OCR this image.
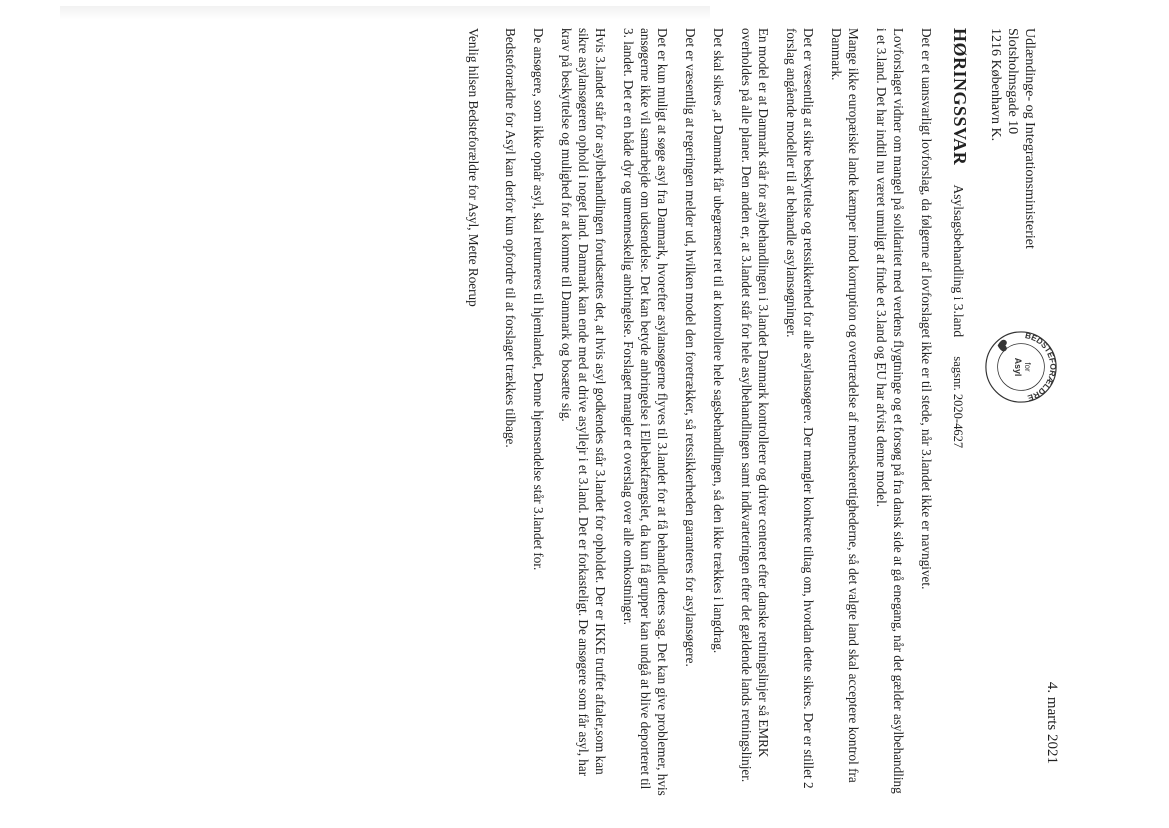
4. marts 2021
Udlændinge- og Integrationsministeriet
Slotsholmsgade 10
1216 København K.
BEDSTEFORÆLDRE
for
Asyl
HØRINGSSVAR Asylsagsbehandling i 3.land sagsnr. 2020-4627

Det er et uansvarligt lovforslag, da følgerne af lovforslaget ikke er til stede, når 3.landet ikke er navngivet.

Lovforslaget vidner om mangel på solidaritet med verdens flygtninge og et forsøg på fra dansk side at gå enegang, når det gælder asylbehandling i et 3.land. Det har indtil nu været umuligt at finde et 3.land og EU har afvist denne model.

Mange ikke europæiske lande kæmper imod korruption og overtrædelse af menneskerettighederne, så det valgte land skal acceptere kontrol fra Danmark.

Det er væsentlig at sikre beskyttelse og retssikkerhed for alle asylansøgere. Der mangler konkrete tiltag om, hvordan dette sikres. Der er stillet 2 forslag angående modeller til at behandle asylansøgninger.

En model er at Danmark står for asylbehandlingen i 3.landet Danmark kontrollerer og driver centeret efter danske retningslinjer så EMRK overholdes på alle planer. Den anden er, at 3.landet står for hele asylbehandlingen samt indkvarteringen efter det gældende lands retningslinjer.

Det skal sikres ,at Danmark får ubegrænset ret til at kontrollere hele sagsbehandlingen, så den ikke trækkes i langdrag.

Det er væsentlig at regeringen melder ud, hvilken model den foretrækker, så retssikkerheden garanteres for asylansøgere.

Det er kun muligt at søge asyl fra Danmark, hvorefter asylansøgerne flyves til 3.landet for at få behandlet deres sag. Det kan give problemer, hvis ansøgerne ikke vil samarbejde om udsendelse. Det kan betyde anbringelse i Ellebækfængslet, da kun få grupper kan undgå at blive deporteret til 3. landet. Det er en både dyr og umenneskelig anbringelse. Forslaget mangler et overslag over alle omkostninger.

Hvis 3.landet står for asylbehandlingen forudsættes det, at hvis asyl godkendes står 3.landet for opholdet. Der er IKKE truffet aftaler,som kan sikre asylansøgeren ophold i noget land. Danmark kan ende med at drive asyllejr i et 3.land. Det er forkasteligt. De ansøgere som får asyl, har krav på beskyttelse og mulighed for at komme til Danmark og bosætte sig.

De ansøgere, som ikke opnår asyl, skal returneres til hjemlandet, Denne hjemsendelse står 3.landet for.

Bedsteforældre for Asyl kan derfor kun opfordre til at forslaget trækkes tilbage.

Venlig hilsen Bedsteforældre for Asyl, Mette Roerup
